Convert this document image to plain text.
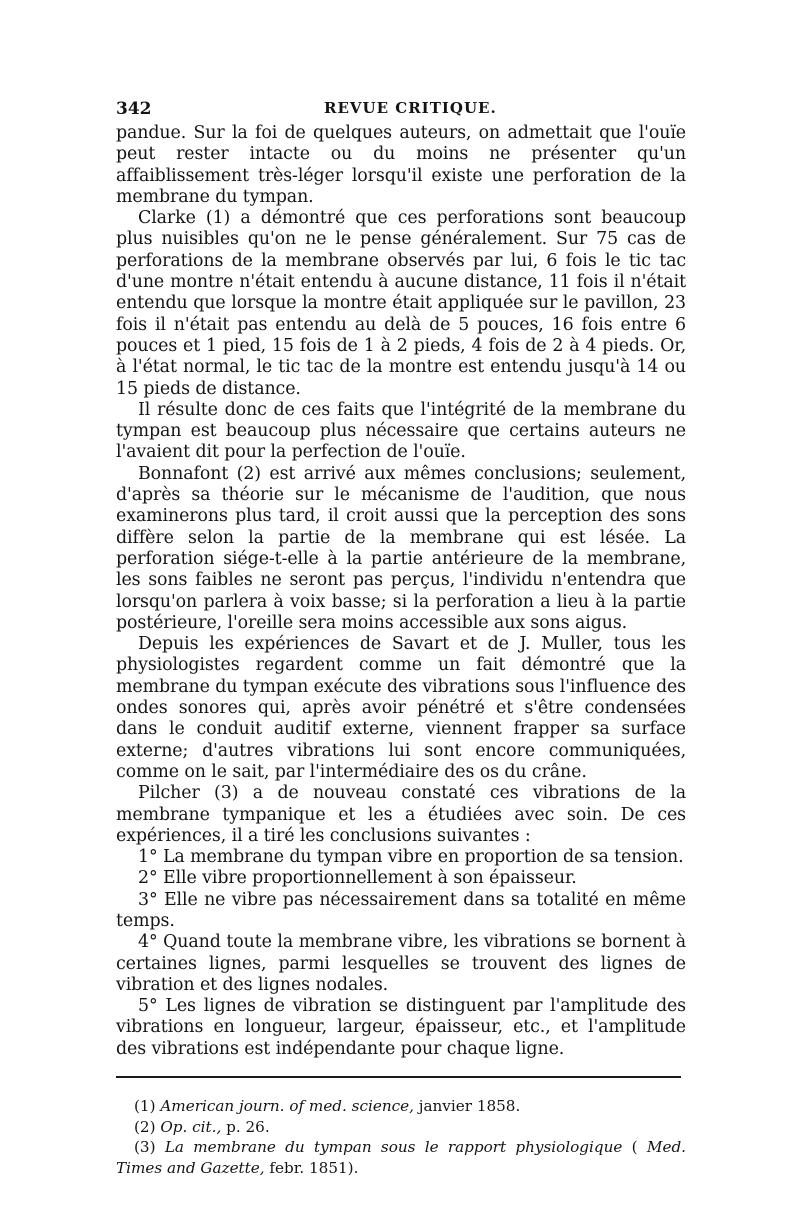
342	REVUE CRITIQUE.

pandue. Sur la foi de quelques auteurs, on admettait que l'ouïe peut rester intacte ou du moins ne présenter qu'un affaiblissement très-léger lorsqu'il existe une perforation de la membrane du tympan.

Clarke (1) a démontré que ces perforations sont beaucoup plus nuisibles qu'on ne le pense généralement. Sur 75 cas de perforations de la membrane observés par lui, 6 fois le tic tac d'une montre n'était entendu à aucune distance, 11 fois il n'était entendu que lorsque la montre était appliquée sur le pavillon, 23 fois il n'était pas entendu au delà de 5 pouces, 16 fois entre 6 pouces et 1 pied, 15 fois de 1 à 2 pieds, 4 fois de 2 à 4 pieds. Or, à l'état normal, le tic tac de la montre est entendu jusqu'à 14 ou 15 pieds de distance.

Il résulte donc de ces faits que l'intégrité de la membrane du tympan est beaucoup plus nécessaire que certains auteurs ne l'avaient dit pour la perfection de l'ouïe.

Bonnafont (2) est arrivé aux mêmes conclusions; seulement, d'après sa théorie sur le mécanisme de l'audition, que nous examinerons plus tard, il croit aussi que la perception des sons diffère selon la partie de la membrane qui est lésée. La perforation siége-t-elle à la partie antérieure de la membrane, les sons faibles ne seront pas perçus, l'individu n'entendra que lorsqu'on parlera à voix basse; si la perforation a lieu à la partie postérieure, l'oreille sera moins accessible aux sons aigus.

Depuis les expériences de Savart et de J. Muller, tous les physiologistes regardent comme un fait démontré que la membrane du tympan exécute des vibrations sous l'influence des ondes sonores qui, après avoir pénétré et s'être condensées dans le conduit auditif externe, viennent frapper sa surface externe; d'autres vibrations lui sont encore communiquées, comme on le sait, par l'intermédiaire des os du crâne.

Pilcher (3) a de nouveau constaté ces vibrations de la membrane tympanique et les a étudiées avec soin. De ces expériences, il a tiré les conclusions suivantes :

1° La membrane du tympan vibre en proportion de sa tension.

2° Elle vibre proportionnellement à son épaisseur.

3° Elle ne vibre pas nécessairement dans sa totalité en même temps.

4° Quand toute la membrane vibre, les vibrations se bornent à certaines lignes, parmi lesquelles se trouvent des lignes de vibration et des lignes nodales.

5° Les lignes de vibration se distinguent par l'amplitude des vibrations en longueur, largeur, épaisseur, etc., et l'amplitude des vibrations est indépendante pour chaque ligne.

(1) American journ. of med. science, janvier 1858.

(2) Op. cit., p. 26.

(3) La membrane du tympan sous le rapport physiologique ( Med. Times and Gazette, febr. 1851).
